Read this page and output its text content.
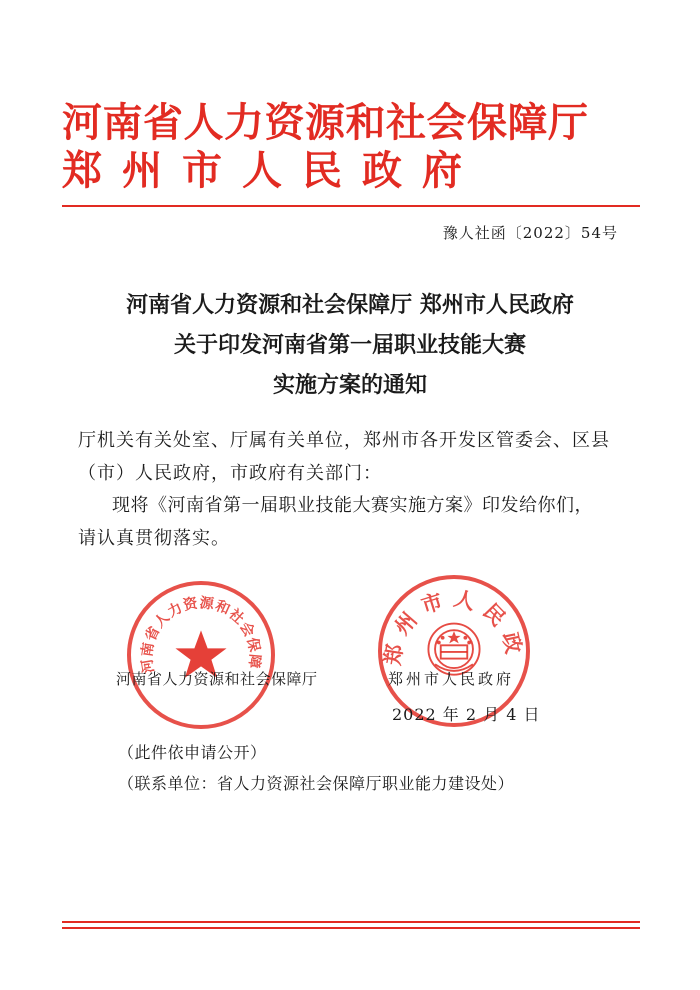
河南省人力资源和社会保障厅
郑州市人民政府
豫人社函〔2022〕54号
河南省人力资源和社会保障厅 郑州市人民政府
关于印发河南省第一届职业技能大赛
实施方案的通知
厅机关有关处室、厅属有关单位，郑州市各开发区管委会、区县
（市）人民政府，市政府有关部门：
现将《河南省第一届职业技能大赛实施方案》印发给你们，
请认真贯彻落实。
河南省人力资源和社会保障厅
郑州市人民政府
河南省人力资源和社会保障厅	郑州市人民政府
2022 年 2 月 4 日
（此件依申请公开）
（联系单位：省人力资源社会保障厅职业能力建设处）
